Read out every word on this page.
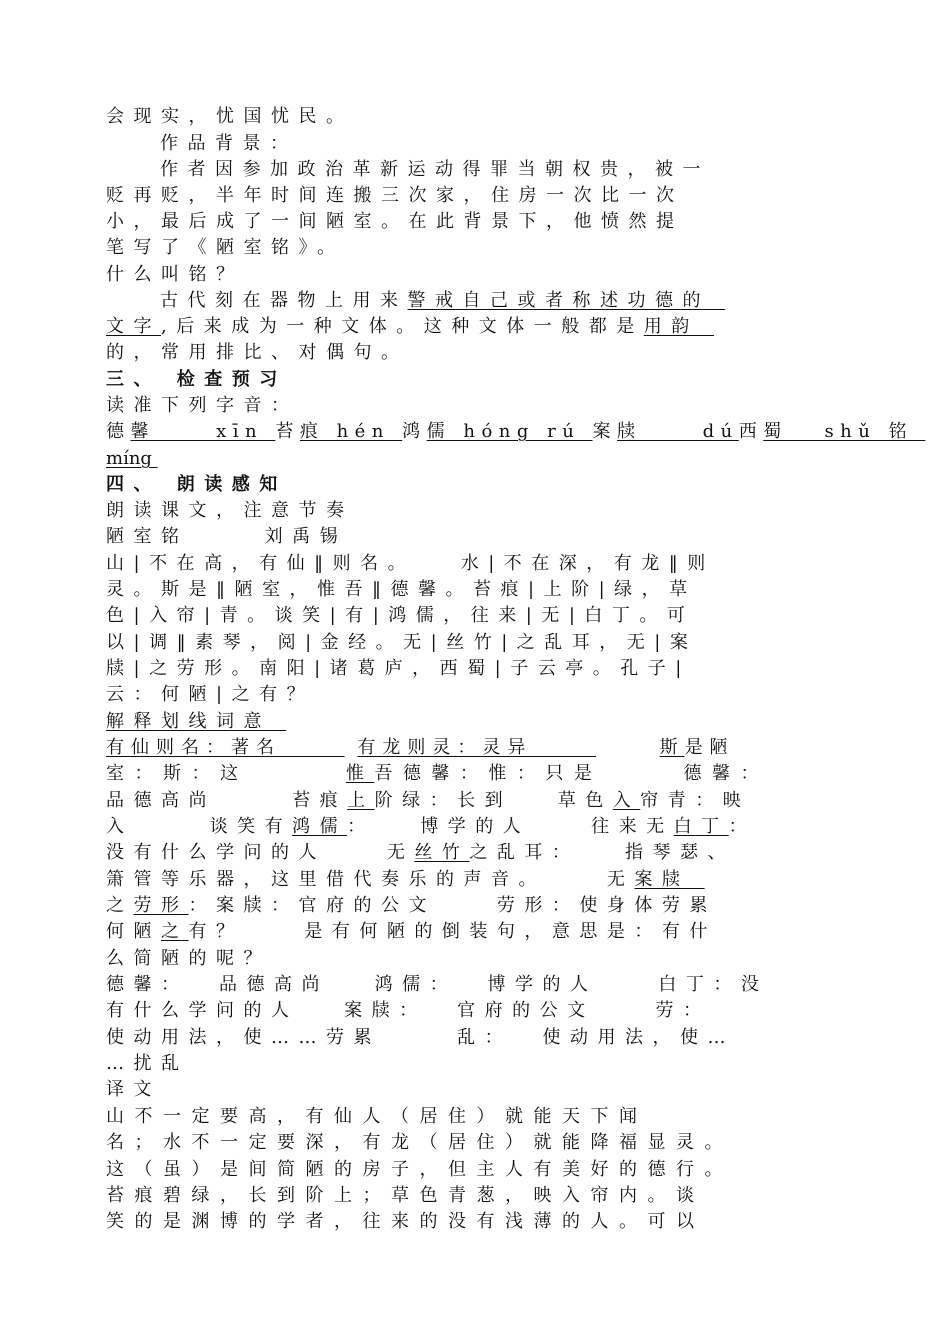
会现实，忧国忧民。
作品背景：
作者因参加政治革新运动得罪当朝权贵，被一
贬再贬，半年时间连搬三次家，住房一次比一次
小，最后成了一间陋室。在此背景下，他愤然提
笔写了《陋室铭》。
什么叫铭？
古代刻在器物上用来警戒自己或者称述功德的
文字,后来成为一种文体。这种文体一般都是用韵
的，常用排比、对偶句。
三、 检查预习
读准下列字音：
德馨     xīn 苔痕 hén 鸿儒 hóng rú 案牍     dú西蜀   shǔ 铭
míng
四、 朗读感知
朗读课文，注意节奏
陋室铭     刘禹锡
山|不在高，有仙‖则名。   水|不在深，有龙‖则
灵。斯是‖陋室，惟吾‖德馨。苔痕|上阶|绿，草
色|入帘|青。谈笑|有|鸿儒，往来|无|白丁。可
以|调‖素琴，阅|金经。无|丝竹|之乱耳，无|案
牍|之劳形。南阳|诸葛庐，西蜀|子云亭。孔子|
云：何陋|之有？
解释划线词意
有仙则名：著名      有龙则灵：灵异	斯是陋
室：斯：这      惟吾德馨：惟：只是     德馨：
品德高尚     苔痕上阶绿：长到   草色入帘青：映
入     谈笑有鸿儒：   博学的人    往来无白丁：
没有什么学问的人    无丝竹之乱耳：   指琴瑟、
箫管等乐器，这里借代奏乐的声音。    无案牍
之劳形：案牍：官府的公文    劳形：使身体劳累
何陋之有？    是有何陋的倒装句，意思是：有什
么简陋的呢？
德馨：  品德高尚   鸿儒：  博学的人    白丁：没
有什么学问的人   案牍：  官府的公文    劳：
使动用法，使……劳累     乱：  使动用法，使…
…扰乱
译文
山不一定要高，有仙人（居住）就能天下闻
名；水不一定要深，有龙（居住）就能降福显灵。
这（虽）是间简陋的房子，但主人有美好的德行。
苔痕碧绿，长到阶上；草色青葱，映入帘内。谈
笑的是渊博的学者，往来的没有浅薄的人。可以
